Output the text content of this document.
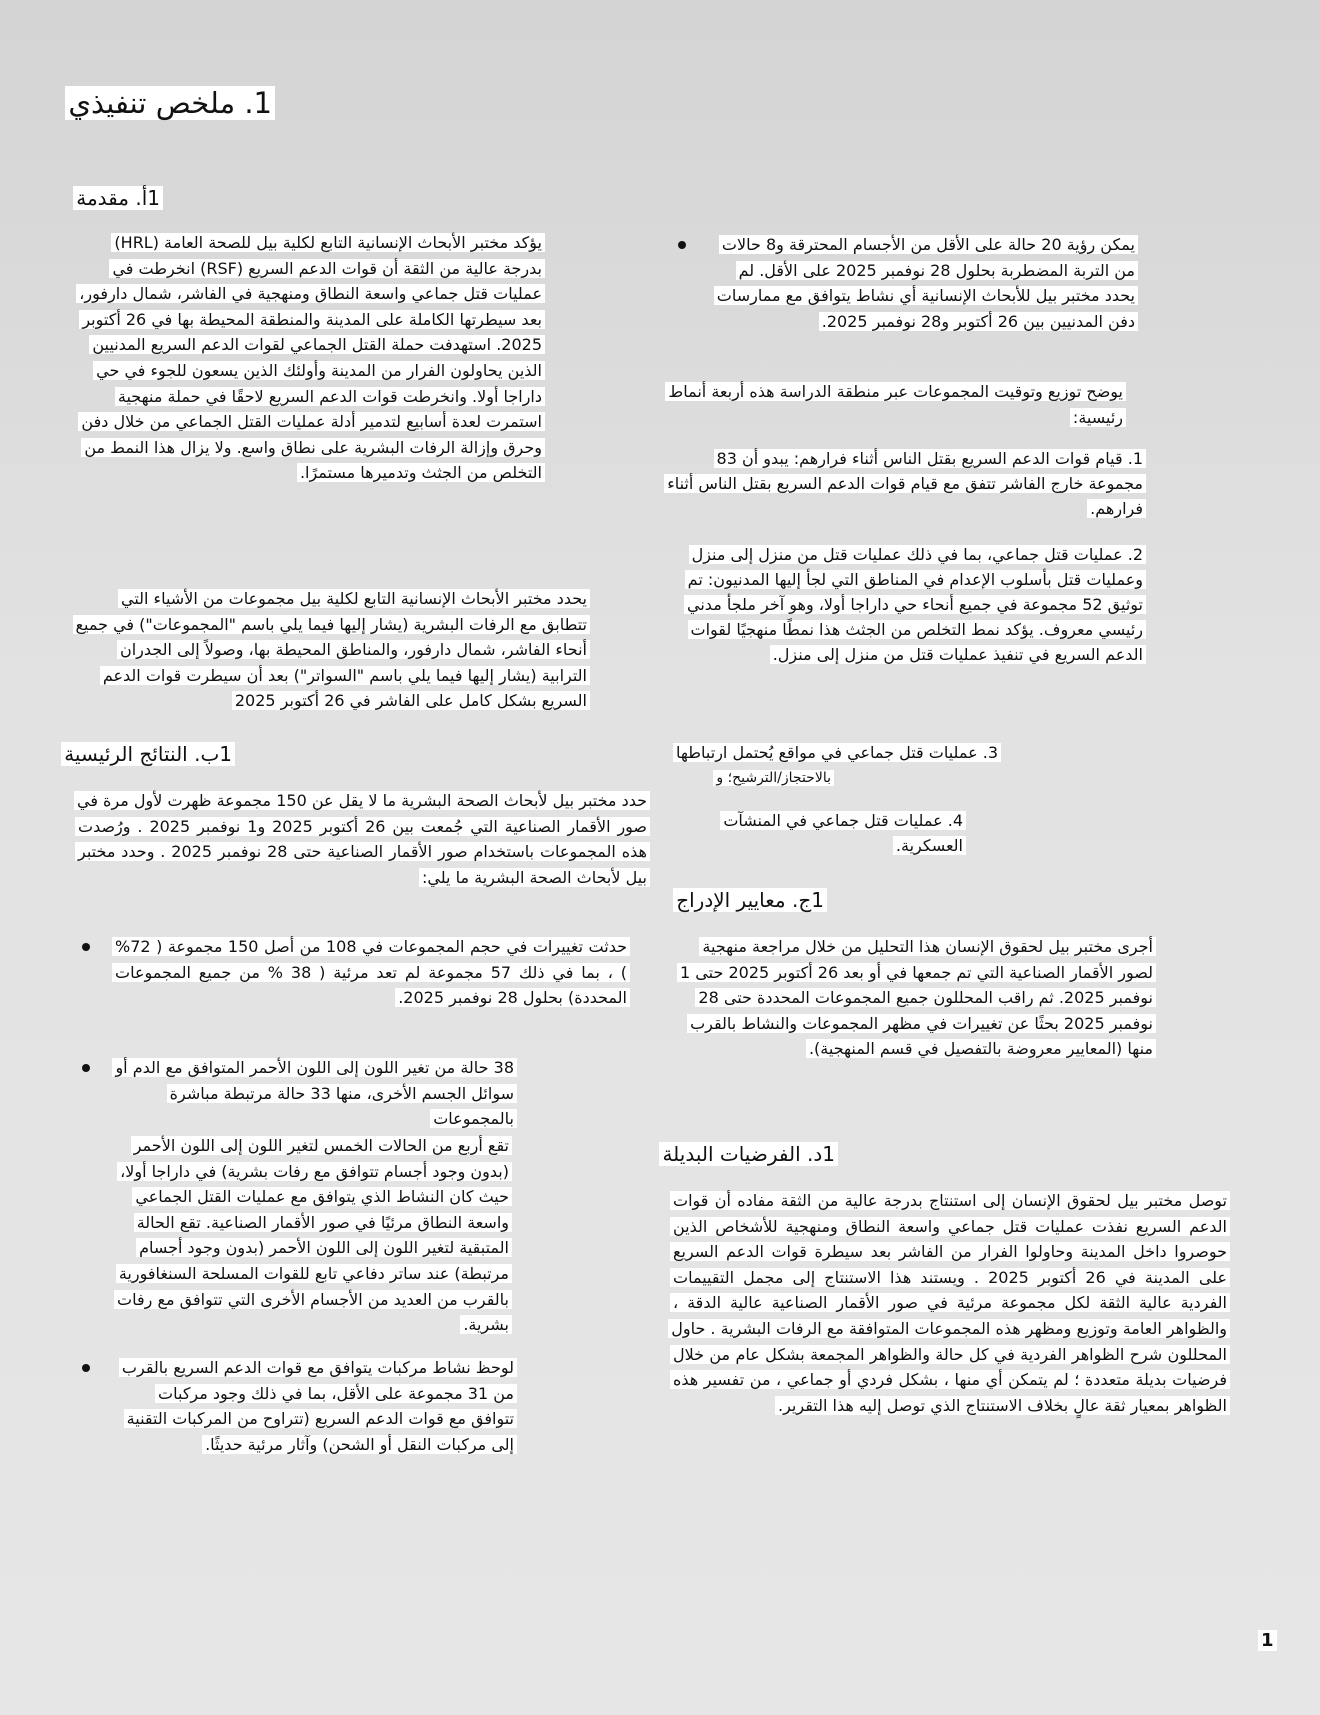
1. ملخص تنفيذي
1أ. مقدمة

يؤكد مختبر الأبحاث الإنسانية التابع لكلية بيل للصحة العامة (HRL) بدرجة عالية من الثقة أن قوات الدعم السريع (RSF) انخرطت في عمليات قتل جماعي واسعة النطاق ومنهجية في الفاشر، شمال دارفور، بعد سيطرتها الكاملة على المدينة والمنطقة المحيطة بها في 26 أكتوبر 2025. استهدفت حملة القتل الجماعي لقوات الدعم السريع المدنيين الذين يحاولون الفرار من المدينة وأولئك الذين يسعون للجوء في حي داراجا أولا. وانخرطت قوات الدعم السريع لاحقًا في حملة منهجية استمرت لعدة أسابيع لتدمير أدلة عمليات القتل الجماعي من خلال دفن وحرق وإزالة الرفات البشرية على نطاق واسع. ولا يزال هذا النمط من التخلص من الجثث وتدميرها مستمرًا.

يحدد مختبر الأبحاث الإنسانية التابع لكلية بيل مجموعات من الأشياء التي تتطابق مع الرفات البشرية (يشار إليها فيما يلي باسم "المجموعات") في جميع أنحاء الفاشر، شمال دارفور، والمناطق المحيطة بها، وصولاً إلى الجدران الترابية (يشار إليها فيما يلي باسم "السواتر") بعد أن سيطرت قوات الدعم السريع بشكل كامل على الفاشر في 26 أكتوبر 2025

1ب. النتائج الرئيسية

حدد مختبر بيل لأبحاث الصحة البشرية ما لا يقل عن 150 مجموعة ظهرت لأول مرة في صور الأقمار الصناعية التي جُمعت بين 26 أكتوبر 2025 و1 نوفمبر 2025 . ورُصدت هذه المجموعات باستخدام صور الأقمار الصناعية حتى 28 نوفمبر 2025 . وحدد مختبر بيل لأبحاث الصحة البشرية ما يلي:

حدثت تغييرات في حجم المجموعات في 108 من أصل 150 مجموعة ( 72% ) ، بما في ذلك 57 مجموعة لم تعد مرئية ( 38 % من جميع المجموعات المحددة) بحلول 28 نوفمبر 2025.

38 حالة من تغير اللون إلى اللون الأحمر المتوافق مع الدم أو سوائل الجسم الأخرى، منها 33 حالة مرتبطة مباشرة بالمجموعات

تقع أربع من الحالات الخمس لتغير اللون إلى اللون الأحمر (بدون وجود أجسام تتوافق مع رفات بشرية) في داراجا أولا، حيث كان النشاط الذي يتوافق مع عمليات القتل الجماعي واسعة النطاق مرئيًا في صور الأقمار الصناعية. تقع الحالة المتبقية لتغير اللون إلى اللون الأحمر (بدون وجود أجسام مرتبطة) عند ساتر دفاعي تابع للقوات المسلحة السنغافورية بالقرب من العديد من الأجسام الأخرى التي تتوافق مع رفات بشرية.

لوحظ نشاط مركبات يتوافق مع قوات الدعم السريع بالقرب من 31 مجموعة على الأقل، بما في ذلك وجود مركبات تتوافق مع قوات الدعم السريع (تتراوح من المركبات التقنية إلى مركبات النقل أو الشحن) وآثار مرئية حديثًا.

يمكن رؤية 20 حالة على الأقل من الأجسام المحترقة و8 حالات من التربة المضطربة بحلول 28 نوفمبر 2025 على الأقل. لم يحدد مختبر بيل للأبحاث الإنسانية أي نشاط يتوافق مع ممارسات دفن المدنيين بين 26 أكتوبر و28 نوفمبر 2025.

يوضح توزيع وتوقيت المجموعات عبر منطقة الدراسة هذه أربعة أنماط رئيسية:

1. قيام قوات الدعم السريع بقتل الناس أثناء فرارهم: يبدو أن 83 مجموعة خارج الفاشر تتفق مع قيام قوات الدعم السريع بقتل الناس أثناء فرارهم.

2. عمليات قتل جماعي، بما في ذلك عمليات قتل من منزل إلى منزل وعمليات قتل بأسلوب الإعدام في المناطق التي لجأ إليها المدنيون: تم توثيق 52 مجموعة في جميع أنحاء حي داراجا أولا، وهو آخر ملجأ مدني رئيسي معروف. يؤكد نمط التخلص من الجثث هذا نمطًا منهجيًا لقوات الدعم السريع في تنفيذ عمليات قتل من منزل إلى منزل.

3. عمليات قتل جماعي في مواقع يُحتمل ارتباطها

بالاحتجاز/الترشيح؛ و

4. عمليات قتل جماعي في المنشآت العسكرية.

1ج. معايير الإدراج

أجرى مختبر بيل لحقوق الإنسان هذا التحليل من خلال مراجعة منهجية لصور الأقمار الصناعية التي تم جمعها في أو بعد 26 أكتوبر 2025 حتى 1 نوفمبر 2025. ثم راقب المحللون جميع المجموعات المحددة حتى 28 نوفمبر 2025 بحثًا عن تغييرات في مظهر المجموعات والنشاط بالقرب منها (المعايير معروضة بالتفصيل في قسم المنهجية).

1د. الفرضيات البديلة

توصل مختبر بيل لحقوق الإنسان إلى استنتاج بدرجة عالية من الثقة مفاده أن قوات الدعم السريع نفذت عمليات قتل جماعي واسعة النطاق ومنهجية للأشخاص الذين حوصروا داخل المدينة وحاولوا الفرار من الفاشر بعد سيطرة قوات الدعم السريع على المدينة في 26 أكتوبر 2025 . ويستند هذا الاستنتاج إلى مجمل التقييمات الفردية عالية الثقة لكل مجموعة مرئية في صور الأقمار الصناعية عالية الدقة ، والظواهر العامة وتوزيع ومظهر هذه المجموعات المتوافقة مع الرفات البشرية . حاول المحللون شرح الظواهر الفردية في كل حالة والظواهر المجمعة بشكل عام من خلال فرضيات بديلة متعددة ؛ لم يتمكن أي منها ، بشكل فردي أو جماعي ، من تفسير هذه الظواهر بمعيار ثقة عالٍ بخلاف الاستنتاج الذي توصل إليه هذا التقرير.

1
